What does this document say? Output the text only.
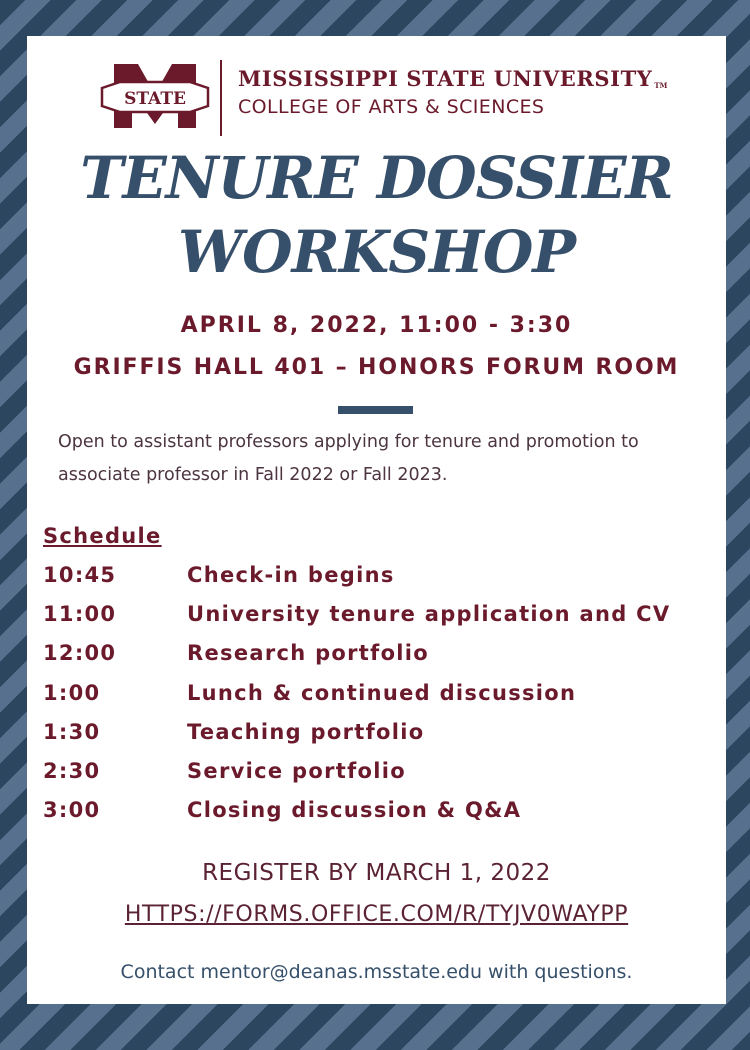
STATE
MISSISSIPPI STATE UNIVERSITY TM
COLLEGE OF ARTS & SCIENCES
TENURE DOSSIER
WORKSHOP
APRIL 8, 2022, 11:00 - 3:30
GRIFFIS HALL 401 – HONORS FORUM ROOM
Open to assistant professors applying for tenure and promotion to associate professor in Fall 2022 or Fall 2023.
Schedule
10:45	Check-in begins
11:00	University tenure application and CV
12:00	Research portfolio
1:00	Lunch & continued discussion
1:30	Teaching portfolio
2:30	Service portfolio
3:00	Closing discussion & Q&A
REGISTER BY MARCH 1, 2022
HTTPS://FORMS.OFFICE.COM/R/TYJV0WAYPP
Contact mentor@deanas.msstate.edu with questions.
